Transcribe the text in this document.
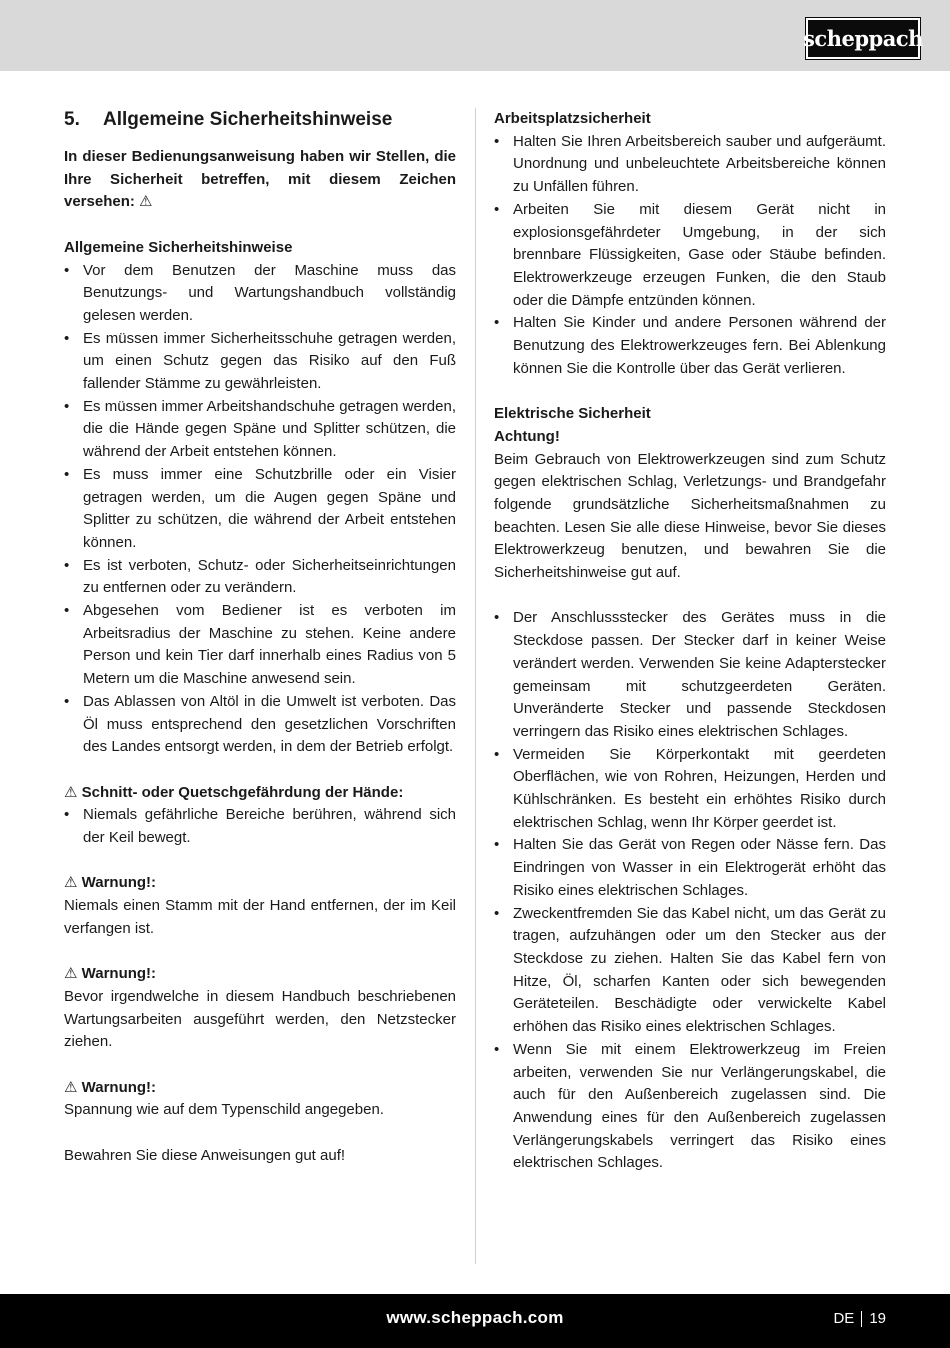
scheppach
5.	Allgemeine Sicherheitshinweise

In dieser Bedienungsanweisung haben wir Stellen, die Ihre Sicherheit betreffen, mit diesem Zeichen versehen: ⚠

Allgemeine Sicherheitshinweise
• Vor dem Benutzen der Maschine muss das Benutzungs- und Wartungshandbuch vollständig gelesen werden.
• Es müssen immer Sicherheitsschuhe getragen werden, um einen Schutz gegen das Risiko auf den Fuß fallender Stämme zu gewährleisten.
• Es müssen immer Arbeitshandschuhe getragen werden, die die Hände gegen Späne und Splitter schützen, die während der Arbeit entstehen können.
• Es muss immer eine Schutzbrille oder ein Visier getragen werden, um die Augen gegen Späne und Splitter zu schützen, die während der Arbeit entstehen können.
• Es ist verboten, Schutz- oder Sicherheitseinrichtungen zu entfernen oder zu verändern.
• Abgesehen vom Bediener ist es verboten im Arbeitsradius der Maschine zu stehen. Keine andere Person und kein Tier darf innerhalb eines Radius von 5 Metern um die Maschine anwesend sein.
• Das Ablassen von Altöl in die Umwelt ist verboten. Das Öl muss entsprechend den gesetzlichen Vorschriften des Landes entsorgt werden, in dem der Betrieb erfolgt.
⚠ Schnitt- oder Quetschgefährdung der Hände:
• Niemals gefährliche Bereiche berühren, während sich der Keil bewegt.
⚠ Warnung!:

Niemals einen Stamm mit der Hand entfernen, der im Keil verfangen ist.

⚠ Warnung!:

Bevor irgendwelche in diesem Handbuch beschriebenen Wartungsarbeiten ausgeführt werden, den Netzstecker ziehen.

⚠ Warnung!:

Spannung wie auf dem Typenschild angegeben.

Bewahren Sie diese Anweisungen gut auf!

Arbeitsplatzsicherheit
• Halten Sie Ihren Arbeitsbereich sauber und aufgeräumt. Unordnung und unbeleuchtete Arbeitsbereiche können zu Unfällen führen.
• Arbeiten Sie mit diesem Gerät nicht in explosionsgefährdeter Umgebung, in der sich brennbare Flüssigkeiten, Gase oder Stäube befinden. Elektrowerkzeuge erzeugen Funken, die den Staub oder die Dämpfe entzünden können.
• Halten Sie Kinder und andere Personen während der Benutzung des Elektrowerkzeuges fern. Bei Ablenkung können Sie die Kontrolle über das Gerät verlieren.
Elektrische Sicherheit
Achtung!

Beim Gebrauch von Elektrowerkzeugen sind zum Schutz gegen elektrischen Schlag, Verletzungs- und Brandgefahr folgende grundsätzliche Sicherheitsmaßnahmen zu beachten. Lesen Sie alle diese Hinweise, bevor Sie dieses Elektrowerkzeug benutzen, und bewahren Sie die Sicherheitshinweise gut auf.

• Der Anschlussstecker des Gerätes muss in die Steckdose passen. Der Stecker darf in keiner Weise verändert werden. Verwenden Sie keine Adapterstecker gemeinsam mit schutzgeerdeten Geräten. Unveränderte Stecker und passende Steckdosen verringern das Risiko eines elektrischen Schlages.
• Vermeiden Sie Körperkontakt mit geerdeten Oberflächen, wie von Rohren, Heizungen, Herden und Kühlschränken. Es besteht ein erhöhtes Risiko durch elektrischen Schlag, wenn Ihr Körper geerdet ist.
• Halten Sie das Gerät von Regen oder Nässe fern. Das Eindringen von Wasser in ein Elektrogerät erhöht das Risiko eines elektrischen Schlages.
• Zweckentfremden Sie das Kabel nicht, um das Gerät zu tragen, aufzuhängen oder um den Stecker aus der Steckdose zu ziehen. Halten Sie das Kabel fern von Hitze, Öl, scharfen Kanten oder sich bewegenden Geräteteilen. Beschädigte oder verwickelte Kabel erhöhen das Risiko eines elektrischen Schlages.
• Wenn Sie mit einem Elektrowerkzeug im Freien arbeiten, verwenden Sie nur Verlängerungskabel, die auch für den Außenbereich zugelassen sind. Die Anwendung eines für den Außenbereich zugelassen Verlängerungskabels verringert das Risiko eines elektrischen Schlages.
www.scheppach.com	DE 19
